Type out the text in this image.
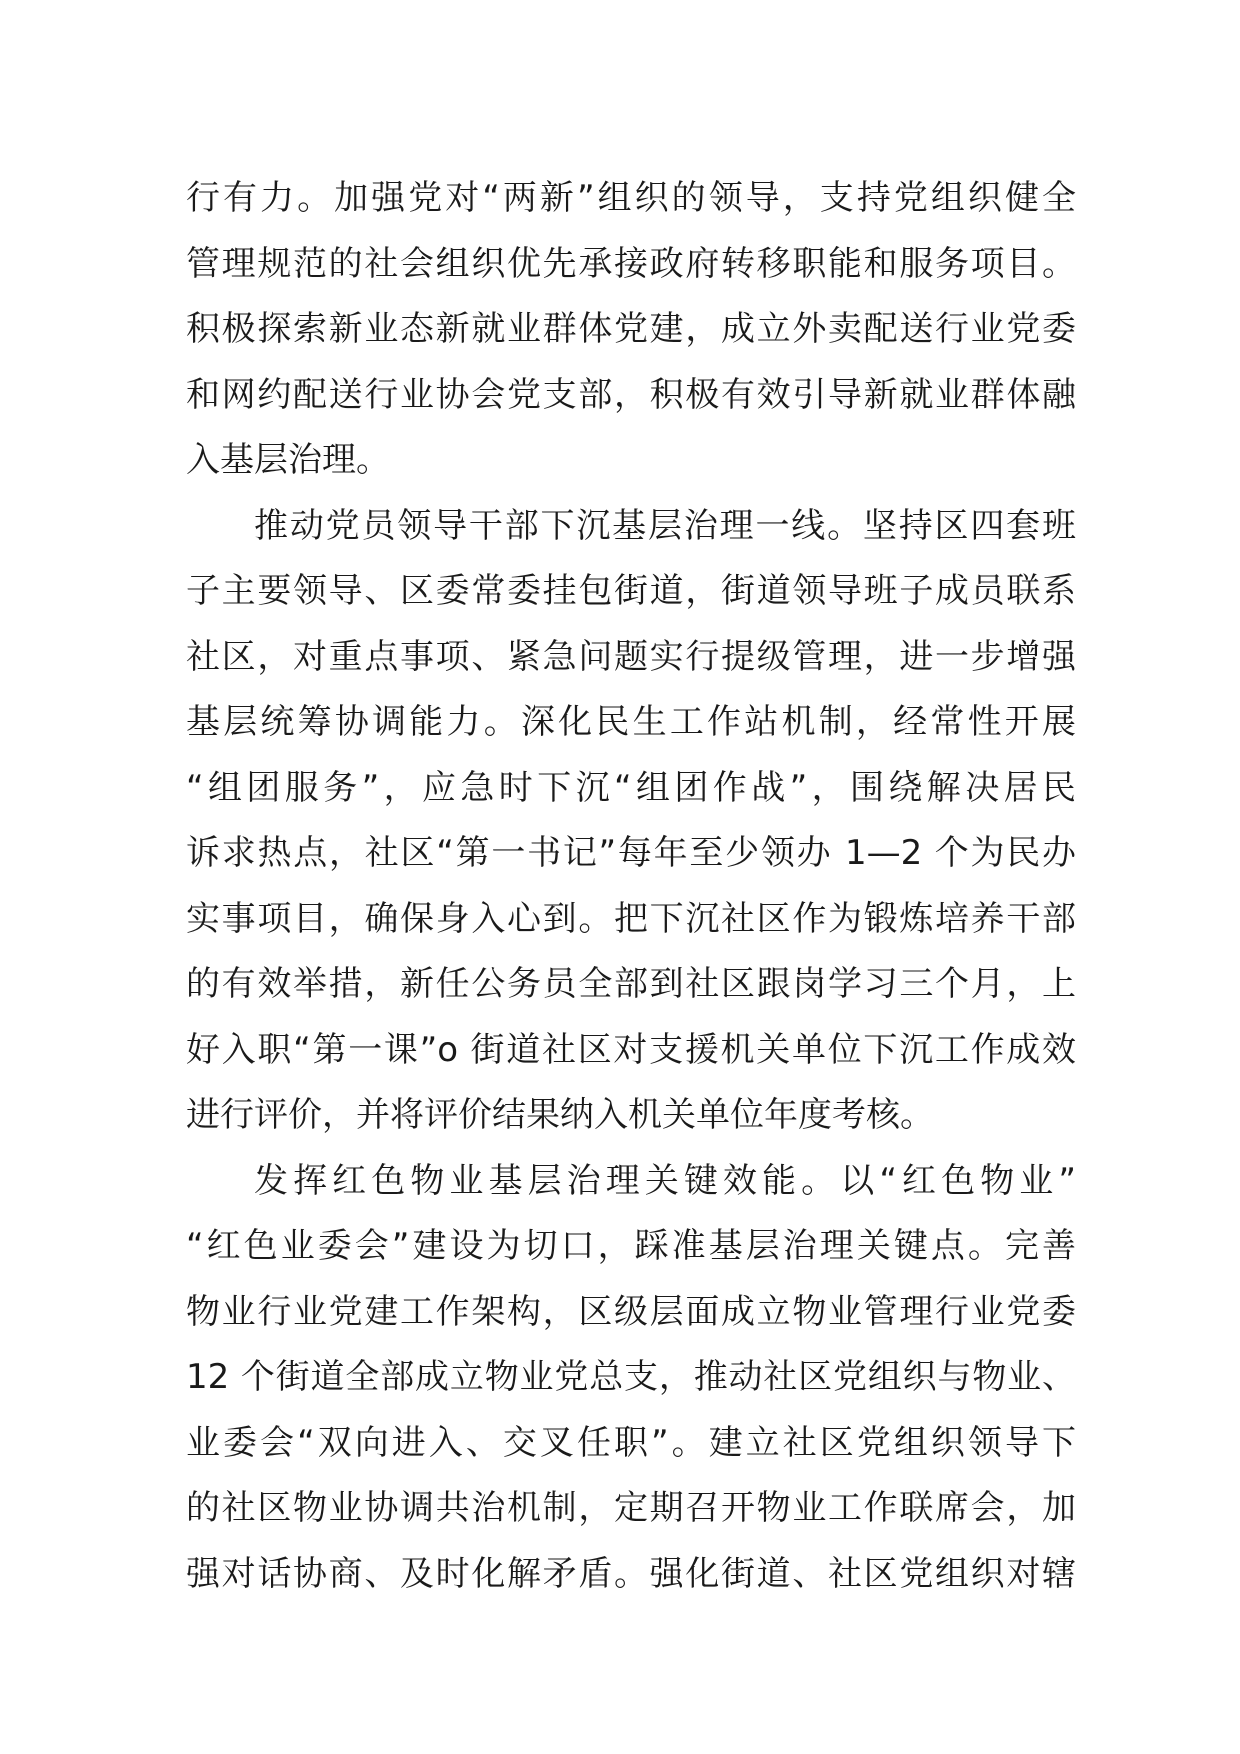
行有力。加强党对“两新”组织的领导，支持党组织健全
管理规范的社会组织优先承接政府转移职能和服务项目。
积极探索新业态新就业群体党建，成立外卖配送行业党委
和网约配送行业协会党支部，积极有效引导新就业群体融
入基层治理。
推动党员领导干部下沉基层治理一线。坚持区四套班
子主要领导、区委常委挂包街道，街道领导班子成员联系
社区，对重点事项、紧急问题实行提级管理，进一步增强
基层统筹协调能力。深化民生工作站机制，经常性开展
“组团服务”，应急时下沉“组团作战”，围绕解决居民
诉求热点，社区“第一书记”每年至少领办 1—2 个为民办
实事项目，确保身入心到。把下沉社区作为锻炼培养干部
的有效举措，新任公务员全部到社区跟岗学习三个月，上
好入职“第一课”o 街道社区对支援机关单位下沉工作成效
进行评价，并将评价结果纳入机关单位年度考核。
发挥红色物业基层治理关键效能。以“红色物业”
“红色业委会”建设为切口，踩准基层治理关键点。完善
物业行业党建工作架构，区级层面成立物业管理行业党委
12 个街道全部成立物业党总支，推动社区党组织与物业、
业委会“双向进入、交叉任职”。建立社区党组织领导下
的社区物业协调共治机制，定期召开物业工作联席会，加
强对话协商、及时化解矛盾。强化街道、社区党组织对辖
